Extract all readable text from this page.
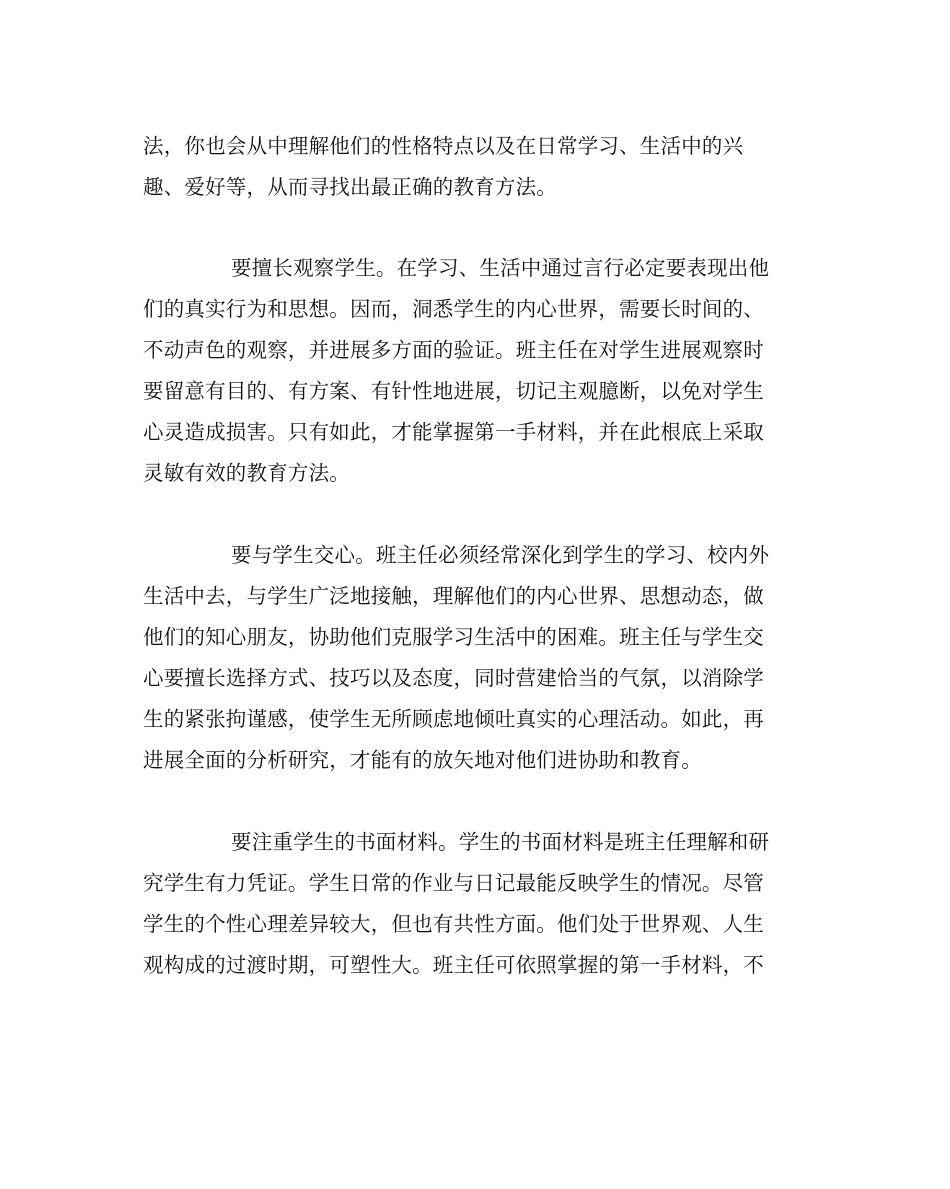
法，你也会从中理解他们的性格特点以及在日常学习、生活中的兴
趣、爱好等，从而寻找出最正确的教育方法。
要擅长观察学生。在学习、生活中通过言行必定要表现出他
们的真实行为和思想。因而，洞悉学生的内心世界，需要长时间的、
不动声色的观察，并进展多方面的验证。班主任在对学生进展观察时
要留意有目的、有方案、有针性地进展，切记主观臆断，以免对学生
心灵造成损害。只有如此，才能掌握第一手材料，并在此根底上采取
灵敏有效的教育方法。
要与学生交心。班主任必须经常深化到学生的学习、校内外
生活中去，与学生广泛地接触，理解他们的内心世界、思想动态，做
他们的知心朋友，协助他们克服学习生活中的困难。班主任与学生交
心要擅长选择方式、技巧以及态度，同时营建恰当的气氛，以消除学
生的紧张拘谨感，使学生无所顾虑地倾吐真实的心理活动。如此，再
进展全面的分析研究，才能有的放矢地对他们进协助和教育。
要注重学生的书面材料。学生的书面材料是班主任理解和研
究学生有力凭证。学生日常的作业与日记最能反映学生的情况。尽管
学生的个性心理差异较大，但也有共性方面。他们处于世界观、人生
观构成的过渡时期，可塑性大。班主任可依照掌握的第一手材料，不
